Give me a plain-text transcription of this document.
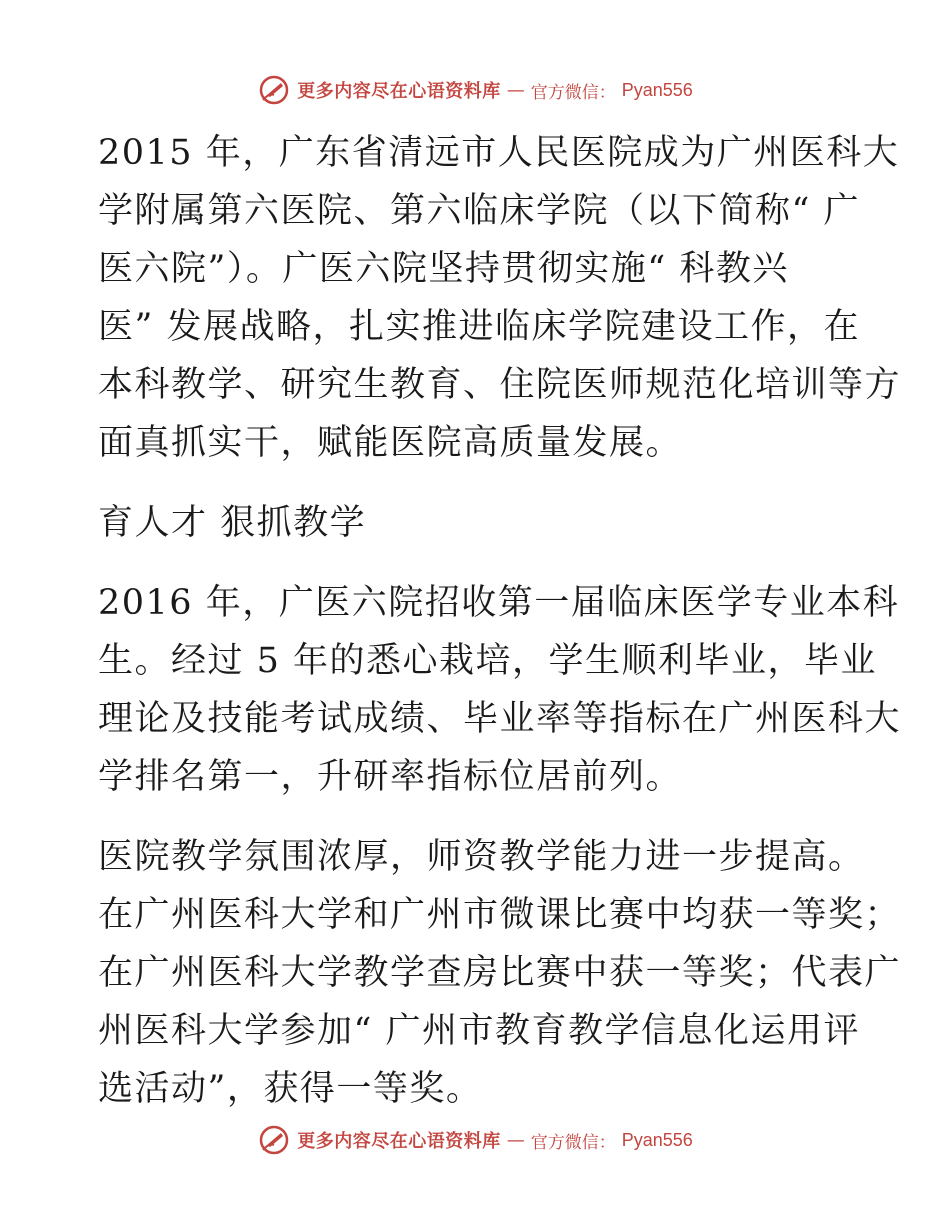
更多内容尽在心语资料库 — 官方微信： Pyan556

2015 年，广东省清远市人民医院成为广州医科大
学附属第六医院、第六临床学院（以下简称“ 广
医六院”）。广医六院坚持贯彻实施“ 科教兴
医” 发展战略，扎实推进临床学院建设工作，在
本科教学、研究生教育、住院医师规范化培训等方
面真抓实干，赋能医院高质量发展。

育人才 狠抓教学

2016 年，广医六院招收第一届临床医学专业本科
生。经过 5 年的悉心栽培，学生顺利毕业，毕业
理论及技能考试成绩、毕业率等指标在广州医科大
学排名第一，升研率指标位居前列。

医院教学氛围浓厚，师资教学能力进一步提高。
在广州医科大学和广州市微课比赛中均获一等奖；
在广州医科大学教学查房比赛中获一等奖；代表广
州医科大学参加“ 广州市教育教学信息化运用评
选活动”，获得一等奖。

更多内容尽在心语资料库 — 官方微信： Pyan556
